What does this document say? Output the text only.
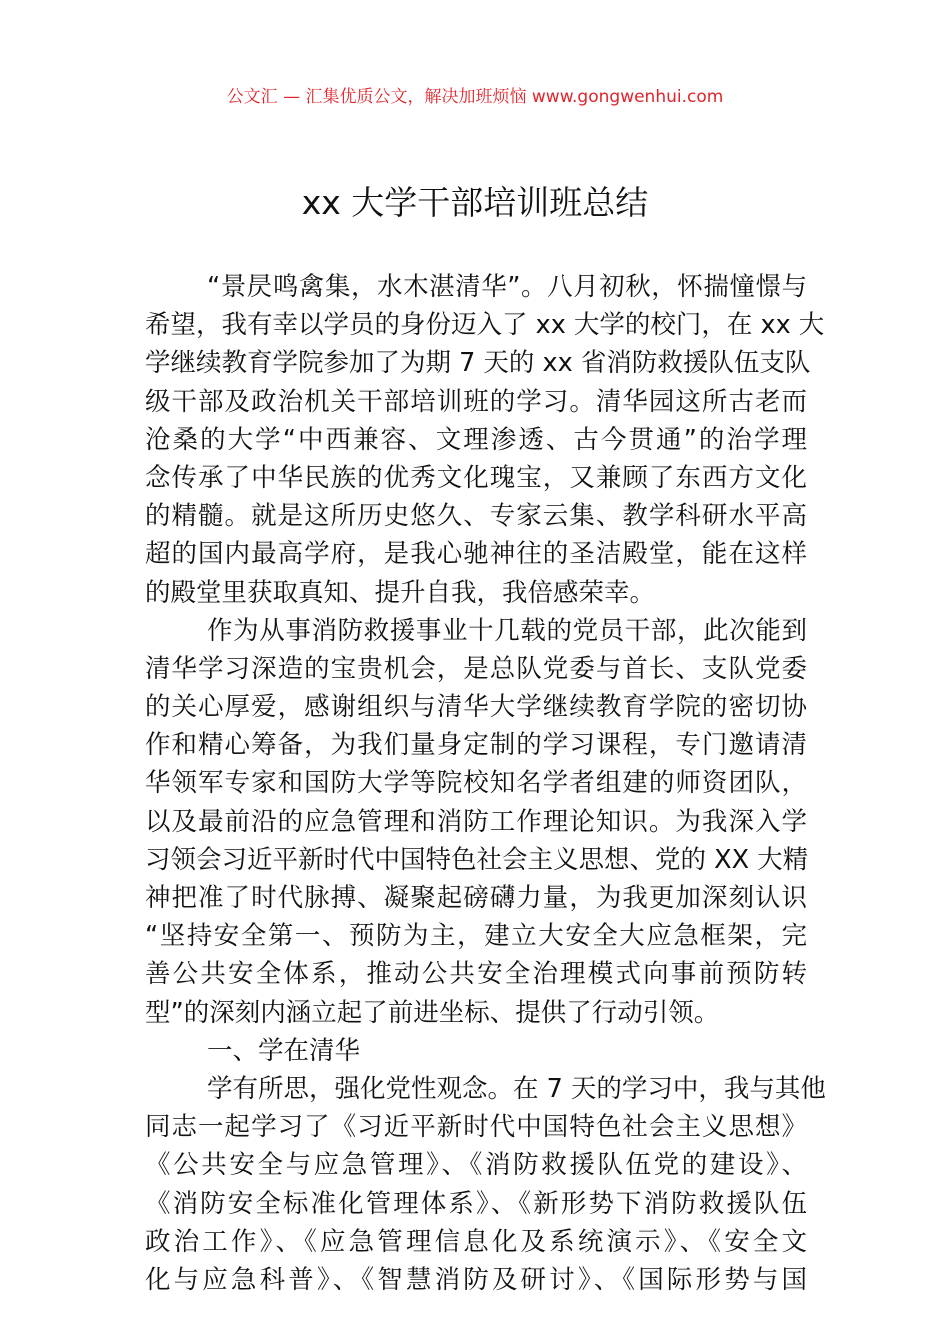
公文汇 — 汇集优质公文，解决加班烦恼 www.gongwenhui.com
xx 大学干部培训班总结
“景昃鸣禽集，水木湛清华”。八月初秋，怀揣憧憬与
希望，我有幸以学员的身份迈入了 xx 大学的校门，在 xx 大
学继续教育学院参加了为期 7 天的 xx 省消防救援队伍支队
级干部及政治机关干部培训班的学习。清华园这所古老而
沧桑的大学“中西兼容、文理渗透、古今贯通”的治学理
念传承了中华民族的优秀文化瑰宝，又兼顾了东西方文化
的精髓。就是这所历史悠久、专家云集、教学科研水平高
超的国内最高学府，是我心驰神往的圣洁殿堂，能在这样
的殿堂里获取真知、提升自我，我倍感荣幸。
作为从事消防救援事业十几载的党员干部，此次能到
清华学习深造的宝贵机会，是总队党委与首长、支队党委
的关心厚爱，感谢组织与清华大学继续教育学院的密切协
作和精心筹备，为我们量身定制的学习课程，专门邀请清
华领军专家和国防大学等院校知名学者组建的师资团队，
以及最前沿的应急管理和消防工作理论知识。为我深入学
习领会习近平新时代中国特色社会主义思想、党的 XX 大精
神把准了时代脉搏、凝聚起磅礴力量，为我更加深刻认识
“坚持安全第一、预防为主，建立大安全大应急框架，完
善公共安全体系，推动公共安全治理模式向事前预防转
型”的深刻内涵立起了前进坐标、提供了行动引领。
一、学在清华
学有所思，强化党性观念。在 7 天的学习中，我与其他
同志一起学习了《习近平新时代中国特色社会主义思想》
《公共安全与应急管理》、《消防救援队伍党的建设》、
《消防安全标准化管理体系》、《新形势下消防救援队伍
政治工作》、《应急管理信息化及系统演示》、《安全文
化与应急科普》、《智慧消防及研讨》、《国际形势与国
